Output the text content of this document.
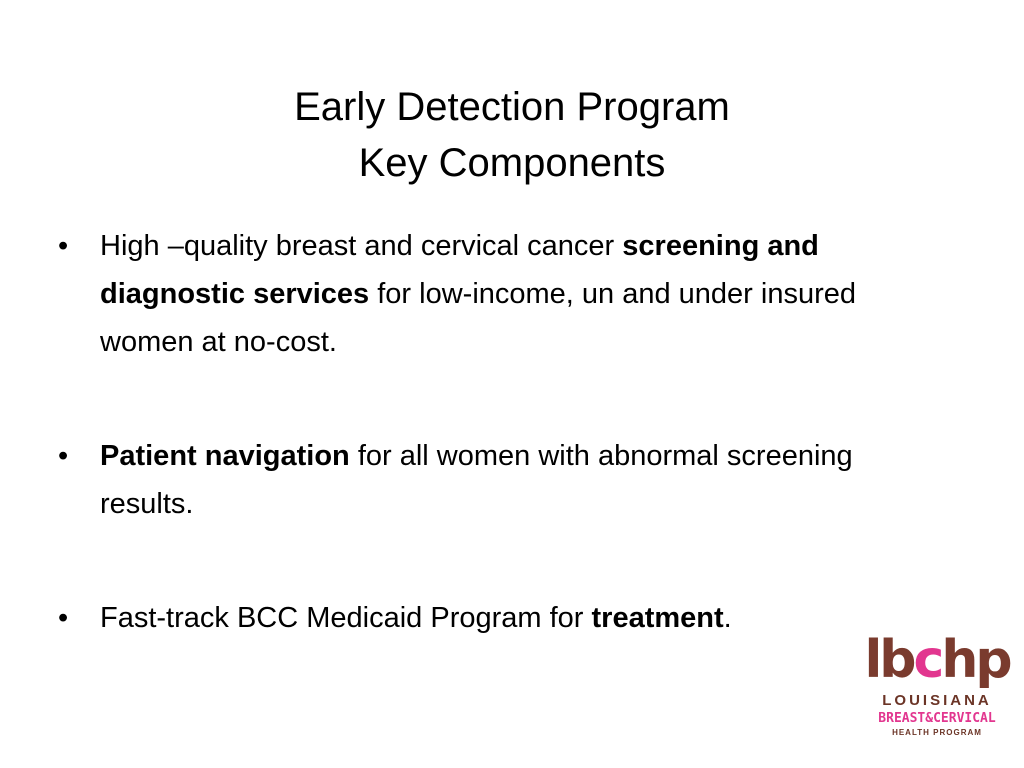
Early Detection Program
Key Components
• High –quality breast and cervical cancer screening and diagnostic services for low-income, un and under insured women at no-cost.
• Patient navigation for all women with abnormal screening results.
• Fast-track BCC Medicaid Program for treatment.
lbchp
LOUISIANA
BREAST&CERVICAL
HEALTH PROGRAM
